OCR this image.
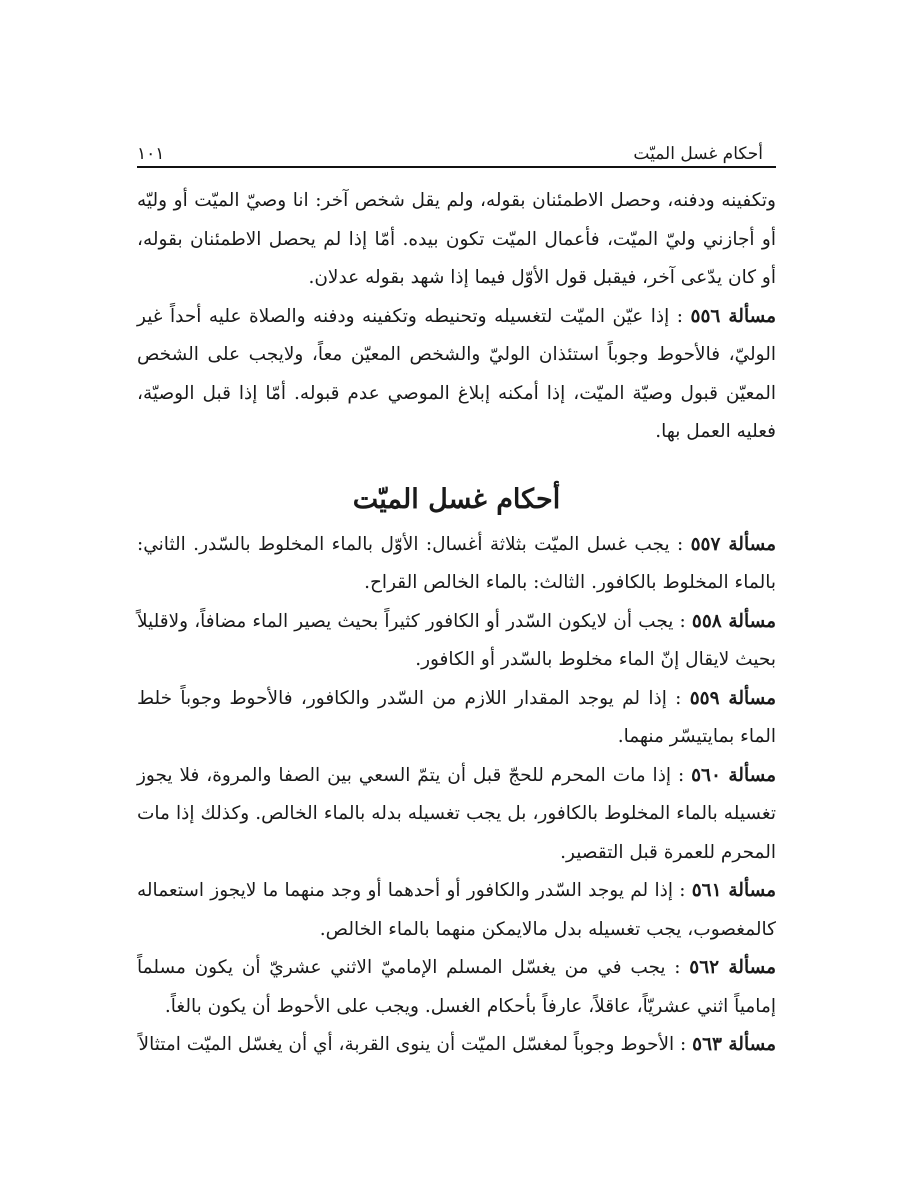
أحكام غسل الميّت
١٠١

وتكفينه ودفنه، وحصل الاطمئنان بقوله، ولم يقل شخص آخر: انا وصيّ الميّت أو وليّه أو أجازني وليّ الميّت، فأعمال الميّت تكون بيده. أمّا إذا لم يحصل الاطمئنان بقوله، أو كان يدّعى آخر، فيقبل قول الأوّل فيما إذا شهد بقوله عدلان.

مسألة ٥٥٦ : إذا عيّن الميّت لتغسيله وتحنيطه وتكفينه ودفنه والصلاة عليه أحداً غير الوليّ، فالأحوط وجوباً استئذان الوليّ والشخص المعيّن معاً، ولايجب على الشخص المعيّن قبول وصيّة الميّت، إذا أمكنه إبلاغ الموصي عدم قبوله. أمّا إذا قبل الوصيّة، فعليه العمل بها.

أحكام غسل الميّت

مسألة ٥٥٧ : يجب غسل الميّت بثلاثة أغسال: الأوّل بالماء المخلوط بالسّدر. الثاني: بالماء المخلوط بالكافور. الثالث: بالماء الخالص القراح.

مسألة ٥٥٨ : يجب أن لايكون السّدر أو الكافور كثيراً بحيث يصير الماء مضافاً، ولاقليلاً بحيث لايقال إنّ الماء مخلوط بالسّدر أو الكافور.

مسألة ٥٥٩ : إذا لم يوجد المقدار اللازم من السّدر والكافور، فالأحوط وجوباً خلط الماء بمايتيسّر منهما.

مسألة ٥٦٠ : إذا مات المحرم للحجّ قبل أن يتمّ السعي بين الصفا والمروة، فلا يجوز تغسيله بالماء المخلوط بالكافور، بل يجب تغسيله بدله بالماء الخالص. وكذلك إذا مات المحرم للعمرة قبل التقصير.

مسألة ٥٦١ : إذا لم يوجد السّدر والكافور أو أحدهما أو وجد منهما ما لايجوز استعماله كالمغصوب، يجب تغسيله بدل مالايمكن منهما بالماء الخالص.

مسألة ٥٦٢ : يجب في من يغسّل المسلم الإماميّ الاثني عشريّ أن يكون مسلماً إمامياً اثني عشريّاً، عاقلاً، عارفاً بأحكام الغسل. ويجب على الأحوط أن يكون بالغاً.

مسألة ٥٦٣ : الأحوط وجوباً لمغسّل الميّت أن ينوى القربة، أي أن يغسّل الميّت امتثالاً
